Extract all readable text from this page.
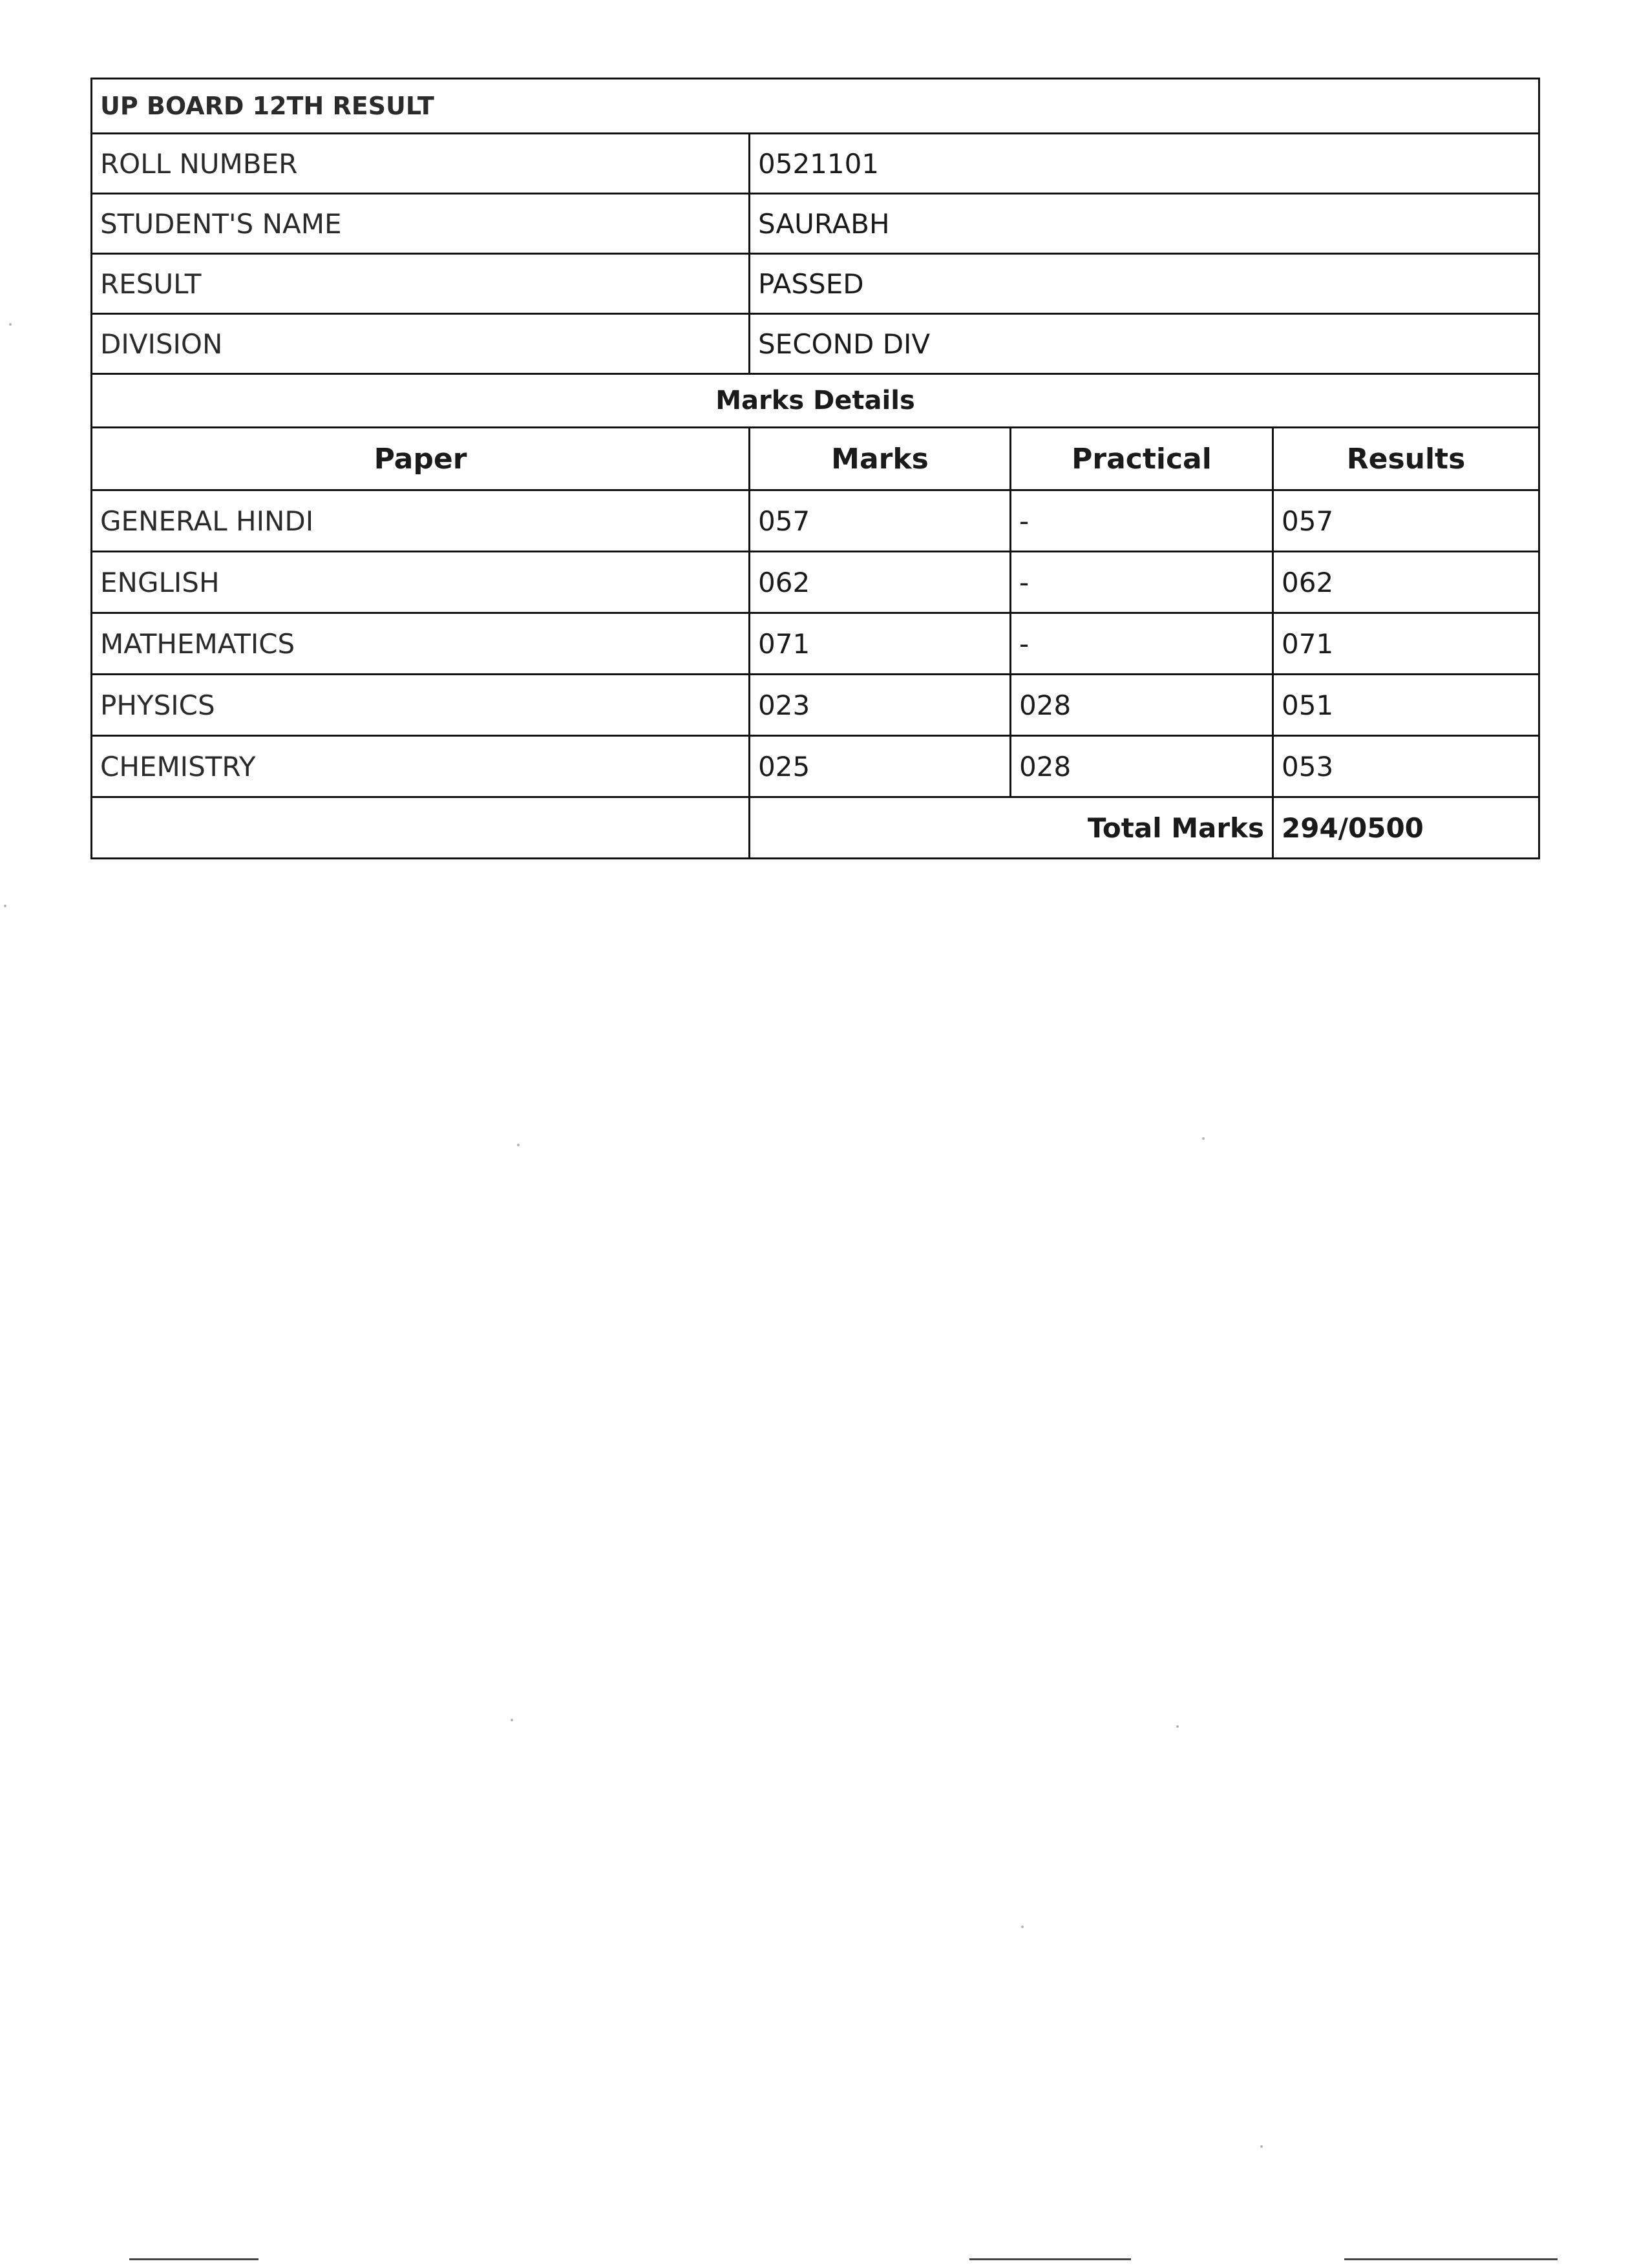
UP BOARD 12TH RESULT			
ROLL NUMBER	0521101		
STUDENT'S NAME	SAURABH		
RESULT	PASSED		
DIVISION	SECOND DIV		
Marks Details			
Paper	Marks	Practical	Results
GENERAL HINDI	057	-	057
ENGLISH	062	-	062
MATHEMATICS	071	-	071
PHYSICS	023	028	051
CHEMISTRY	025	028	053
	Total Marks		294/0500
